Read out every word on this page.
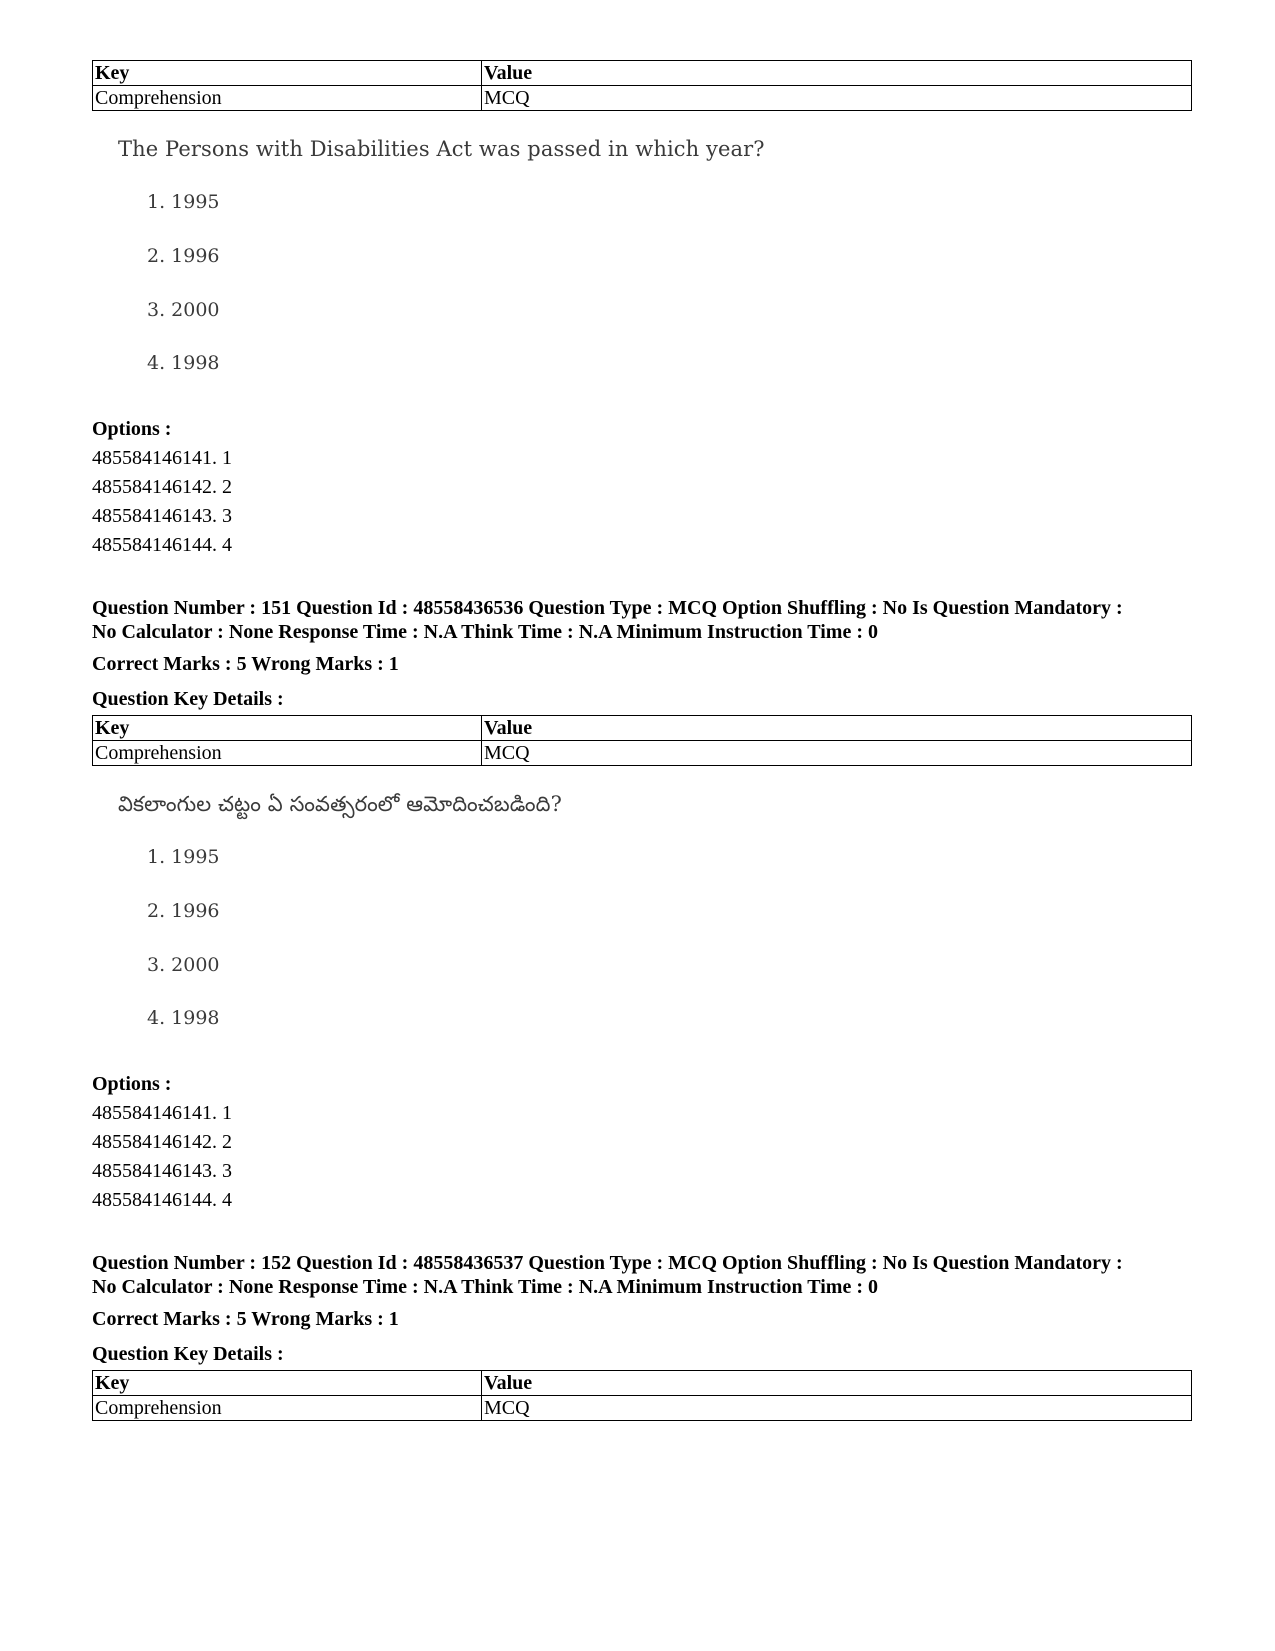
Key	Value
Comprehension	MCQ
The Persons with Disabilities Act was passed in which year?
1. 1995
2. 1996
3. 2000
4. 1998
Options :
485584146141. 1
485584146142. 2
485584146143. 3
485584146144. 4
Question Number : 151 Question Id : 48558436536 Question Type : MCQ Option Shuffling : No Is Question Mandatory :
No Calculator : None Response Time : N.A Think Time : N.A Minimum Instruction Time : 0
Correct Marks : 5 Wrong Marks : 1
Question Key Details :
Key	Value
Comprehension	MCQ
వికలాంగుల చట్టం ఏ సంవత్సరంలో ఆమోదించబడింది?
1. 1995
2. 1996
3. 2000
4. 1998
Options :
485584146141. 1
485584146142. 2
485584146143. 3
485584146144. 4
Question Number : 152 Question Id : 48558436537 Question Type : MCQ Option Shuffling : No Is Question Mandatory :
No Calculator : None Response Time : N.A Think Time : N.A Minimum Instruction Time : 0
Correct Marks : 5 Wrong Marks : 1
Question Key Details :
Key	Value
Comprehension	MCQ
